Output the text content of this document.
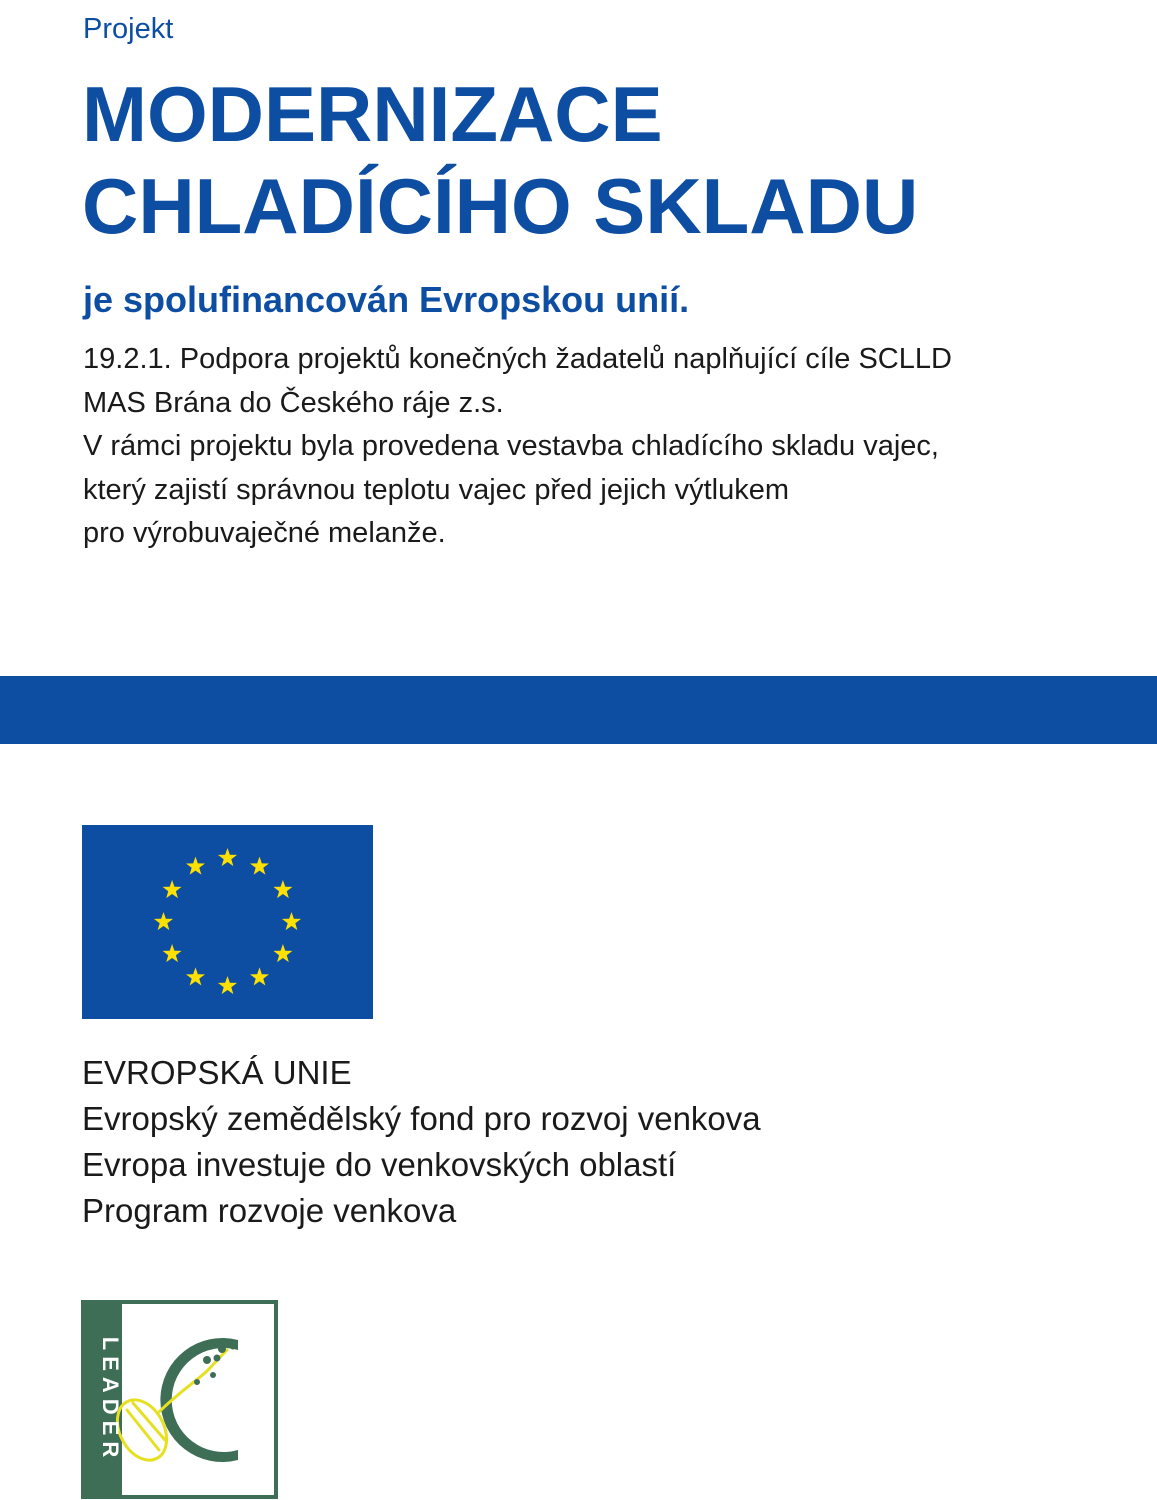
Projekt
MODERNIZACE
CHLADÍCÍHO SKLADU
je spolufinancován Evropskou unií.
19.2.1. Podpora projektů konečných žadatelů naplňující cíle SCLLD
MAS Brána do Českého ráje z.s.
V rámci projektu byla provedena vestavba chladícího skladu vajec,
který zajistí správnou teplotu vajec před jejich výtlukem
pro výrobuvaječné melanže.
EVROPSKÁ UNIE
Evropský zemědělský fond pro rozvoj venkova
Evropa investuje do venkovských oblastí
Program rozvoje venkova
LEADER
